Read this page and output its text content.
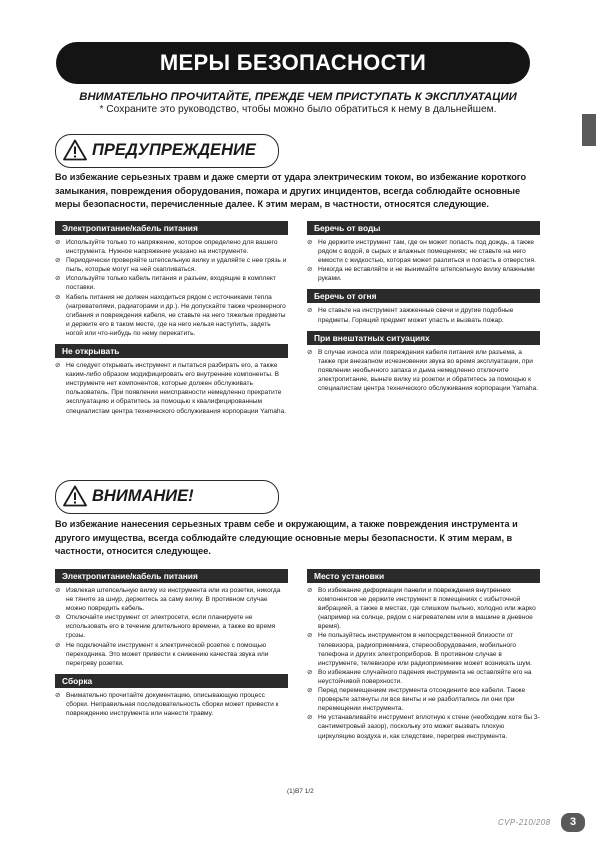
МЕРЫ БЕЗОПАСНОСТИ
ВНИМАТЕЛЬНО ПРОЧИТАЙТЕ, ПРЕЖДЕ ЧЕМ ПРИСТУПАТЬ К ЭКСПЛУАТАЦИИ
* Сохраните это руководство, чтобы можно было обратиться к нему в дальнейшем.
ПРЕДУПРЕЖДЕНИЕ
Во избежание серьезных травм и даже смерти от удара электрическим током, во избежание короткого замыкания, повреждения оборудования, пожара и других инцидентов, всегда соблюдайте основные меры безопасности, перечисленные далее. К этим мерам, в частности, относятся следующие.
Электропитание/кабель питания
⊘ Используйте только то напряжение, которое определено для вашего инструмента. Нужное напряжение указано на инструменте.
⊘ Периодически проверяйте штепсельную вилку и удаляйте с нее грязь и пыль, которые могут на ней скапливаться.
⊘ Используйте только кабель питания и разъем, входящие в комплект поставки.
⊘ Кабель питания не должен находиться рядом с источниками тепла (нагревателями, радиаторами и др.). Не допускайте также чрезмерного сгибания и повреждения кабеля, не ставьте на него тяжелые предметы и держите его в таком месте, где на него нельзя наступить, задеть ногой или что-нибудь по нему перекатить.
Не открывать
⊘ Не следует открывать инструмент и пытаться разбирать его, а также каким-либо образом модифицировать его внутренние компоненты. В инструменте нет компонентов, которые должен обслуживать пользователь. При появлении неисправности немедленно прекратите эксплуатацию и обратитесь за помощью к квалифицированным специалистам центра технического обслуживания корпорации Yamaha.
Беречь от воды
⊘ Не держите инструмент там, где он может попасть под дождь, а также рядом с водой, в сырых и влажных помещениях; не ставьте на него емкости с жидкостью, которая может разлиться и попасть в отверстия.
⊘ Никогда не вставляйте и не вынимайте штепсельную вилку влажными руками.
Беречь от огня
⊘ Не ставьте на инструмент зажженные свечи и другие подобные предметы. Горящий предмет может упасть и вызвать пожар.
При внештатных ситуациях
⊘ В случае износа или повреждения кабеля питания или разъема, а также при внезапном исчезновении звука во время эксплуатации, при появлении необычного запаха и дыма немедленно отключите электропитание, выньте вилку из розетки и обратитесь за помощью к специалистам центра технического обслуживания корпорации Yamaha.
ВНИМАНИЕ!
Во избежание нанесения серьезных травм себе и окружающим, а также повреждения инструмента и другого имущества, всегда соблюдайте следующие основные меры безопасности. К этим мерам, в частности, относится следующее.
Электропитание/кабель питания
⊘ Извлекая штепсельную вилку из инструмента или из розетки, никогда не тяните за шнур, держитесь за саму вилку. В противном случае можно повредить кабель.
⊘ Отключайте инструмент от электросети, если планируете не использовать его в течение длительного времени, а также во время грозы.
⊘ Не подключайте инструмент к электрической розетке с помощью переходника. Это может привести к снижению качества звука или перегреву розетки.
Сборка
⊘ Внимательно прочитайте документацию, описывающую процесс сборки. Неправильная последовательность сборки может привести к повреждению инструмента или нанести травму.
Место установки
⊘ Во избежание деформации панели и повреждения внутренних компонентов не держите инструмент в помещениях с избыточной вибрацией, а также в местах, где слишком пыльно, холодно или жарко (например на солнце, рядом с нагревателем или в машине в дневное время).
⊘ Не пользуйтесь инструментом в непосредственной близости от телевизора, радиоприемника, стереооборудования, мобильного телефона и других электроприборов. В противном случае в инструменте, телевизоре или радиоприемнике может возникать шум.
⊘ Во избежание случайного падения инструмента не оставляйте его на неустойчивой поверхности.
⊘ Перед перемещением инструмента отсоедините все кабели. Также проверьте затянуты ли все винты и не разболтались ли они при перемещении инструмента.
⊘ Не устанавливайте инструмент вплотную к стене (необходим хотя бы 3-сантиметровый зазор), поскольку это может вызвать плохую циркуляцию воздуха и, как следствие, перегрев инструмента.
(1)B7 1/2
CVP-210/208	3
